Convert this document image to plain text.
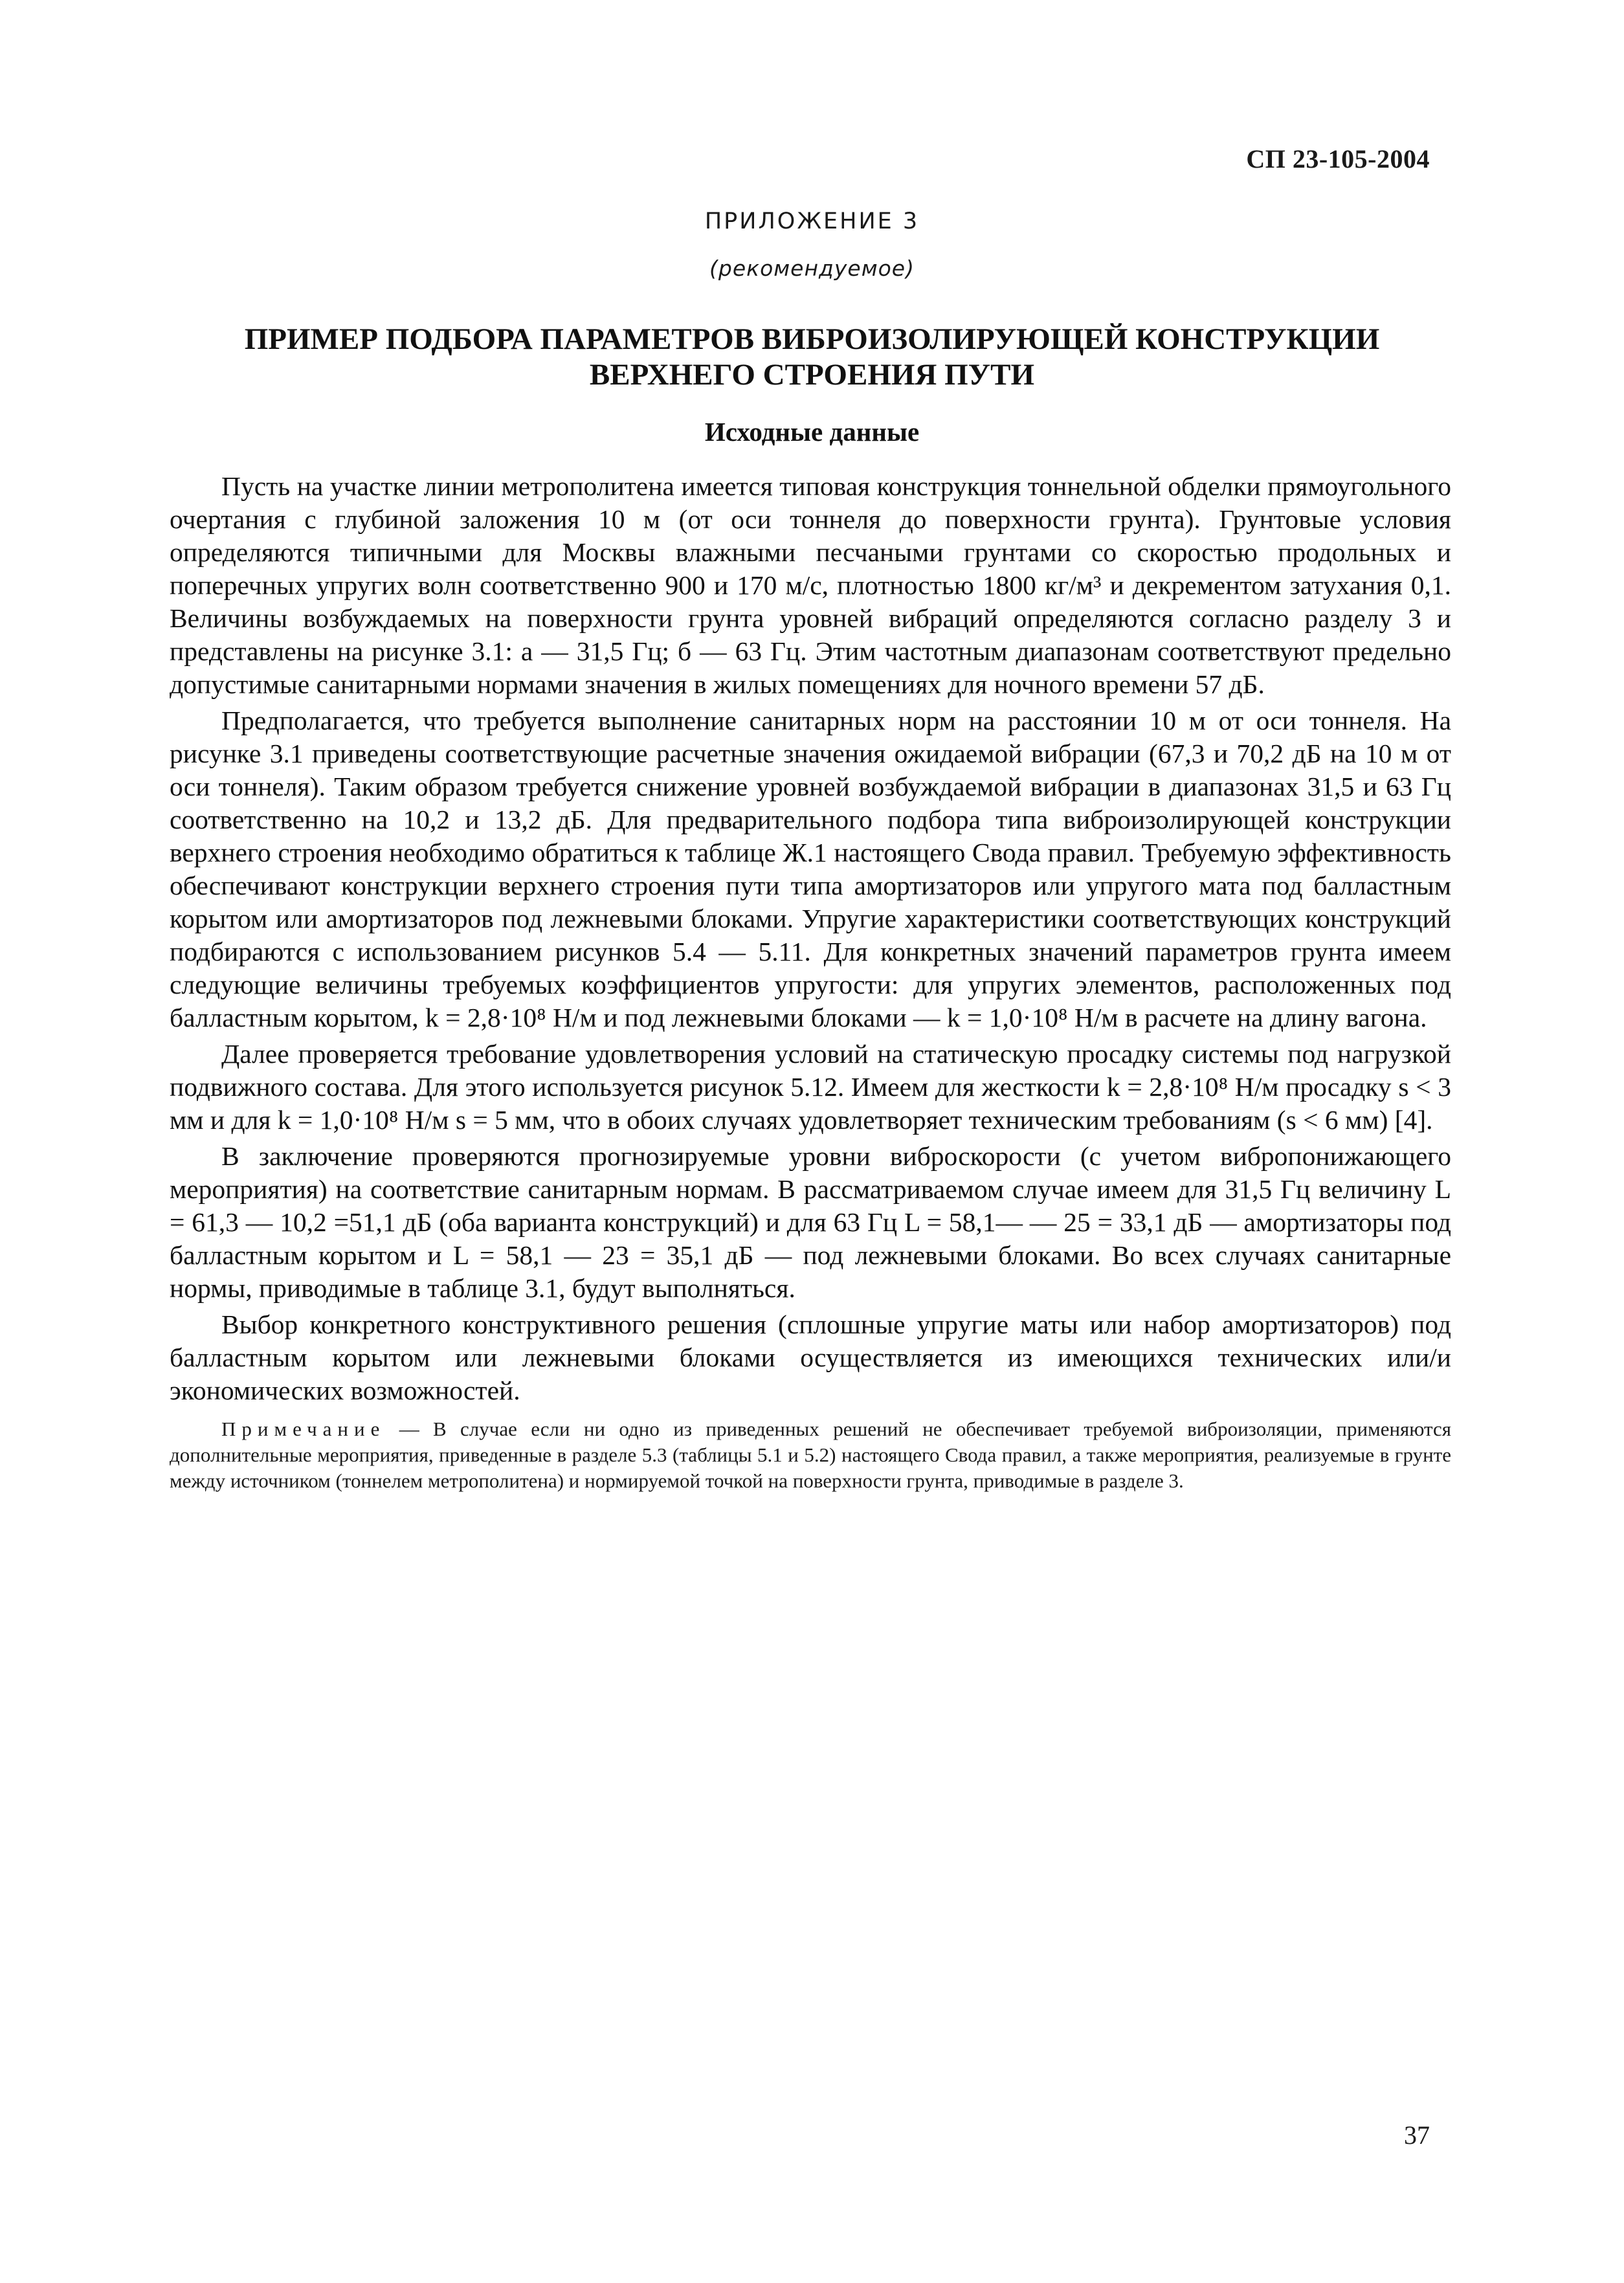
СП 23-105-2004
ПРИЛОЖЕНИЕ 3
(рекомендуемое)
ПРИМЕР ПОДБОРА ПАРАМЕТРОВ ВИБРОИЗОЛИРУЮЩЕЙ КОНСТРУКЦИИ
ВЕРХНЕГО СТРОЕНИЯ ПУТИ
Исходные данные

Пусть на участке линии метрополитена имеется типовая конструкция тоннельной обделки прямоугольного очертания с глубиной заложения 10 м (от оси тоннеля до поверхности грунта). Грунтовые условия определяются типичными для Москвы влажными песчаными грунтами со скоростью продольных и поперечных упругих волн соответственно 900 и 170 м/с, плотностью 1800 кг/м³ и декрементом затухания 0,1. Величины возбуждаемых на поверхности грунта уровней вибраций определяются согласно разделу 3 и представлены на рисунке 3.1: а — 31,5 Гц; б — 63 Гц. Этим частотным диапазонам соответствуют предельно допустимые санитарными нормами значения в жилых помещениях для ночного времени 57 дБ.

Предполагается, что требуется выполнение санитарных норм на расстоянии 10 м от оси тоннеля. На рисунке 3.1 приведены соответствующие расчетные значения ожидаемой вибрации (67,3 и 70,2 дБ на 10 м от оси тоннеля). Таким образом требуется снижение уровней возбуждаемой вибрации в диапазонах 31,5 и 63 Гц соответственно на 10,2 и 13,2 дБ. Для предварительного подбора типа виброизолирующей конструкции верхнего строения необходимо обратиться к таблице Ж.1 настоящего Свода правил. Требуемую эффективность обеспечивают конструкции верхнего строения пути типа амортизаторов или упругого мата под балластным корытом или амортизаторов под лежневыми блоками. Упругие характеристики соответствующих конструкций подбираются с использованием рисунков 5.4 — 5.11. Для конкретных значений параметров грунта имеем следующие величины требуемых коэффициентов упругости: для упругих элементов, расположенных под балластным корытом, k = 2,8·10⁸ Н/м и под лежневыми блоками — k = 1,0·10⁸ Н/м в расчете на длину вагона.

Далее проверяется требование удовлетворения условий на статическую просадку системы под нагрузкой подвижного состава. Для этого используется рисунок 5.12. Имеем для жесткости k = 2,8·10⁸ Н/м просадку s < 3 мм и для k = 1,0·10⁸ Н/м s = 5 мм, что в обоих случаях удовлетворяет техническим требованиям (s < 6 мм) [4].

В заключение проверяются прогнозируемые уровни виброскорости (с учетом вибропонижающего мероприятия) на соответствие санитарным нормам. В рассматриваемом случае имеем для 31,5 Гц величину L = 61,3 — 10,2 =51,1 дБ (оба варианта конструкций) и для 63 Гц L = 58,1— — 25 = 33,1 дБ — амортизаторы под балластным корытом и L = 58,1 — 23 = 35,1 дБ — под лежневыми блоками. Во всех случаях санитарные нормы, приводимые в таблице 3.1, будут выполняться.

Выбор конкретного конструктивного решения (сплошные упругие маты или набор амортизаторов) под балластным корытом или лежневыми блоками осуществляется из имеющихся технических или/и экономических возможностей.

Примечание — В случае если ни одно из приведенных решений не обеспечивает требуемой виброизоляции, применяются дополнительные мероприятия, приведенные в разделе 5.3 (таблицы 5.1 и 5.2) настоящего Свода правил, а также мероприятия, реализуемые в грунте между источником (тоннелем метрополитена) и нормируемой точкой на поверхности грунта, приводимые в разделе 3.
37
